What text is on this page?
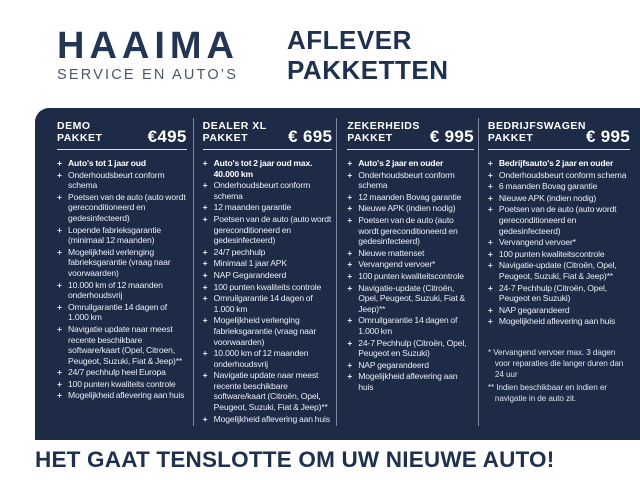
HAAIMA
SERVICE EN AUTO’S
AFLEVER
PAKKETTEN
DEMO
PAKKET	€495
+ Auto's tot 1 jaar oud
+ Onderhoudsbeurt conform schema
+ Poetsen van de auto (auto wordt gereconditioneerd en gedesinfecteerd)
+ Lopende fabrieksgarantie (minimaal 12 maanden)
+ Mogelijkheid verlenging fabrieksgarantie (vraag naar voorwaarden)
+ 10.000 km of 12 maanden onderhoudsvrij
+ Omruilgarantie 14 dagen of 1.000 km
+ Navigatie update naar meest recente beschikbare software/kaart (Opel, Citroen, Peugeot, Suzuki, Fiat & Jeep)**
+ 24/7 pechhulp heel Europa
+ 100 punten kwaliteits controle
+ Mogelijkheid aflevering aan huis
DEALER XL
PAKKET	€ 695
+ Auto's tot 2 jaar oud max. 40.000 km
+ Onderhoudsbeurt conform schema
+ 12 maanden garantie
+ Poetsen van de auto (auto wordt gereconditioneerd en gedesinfecteerd)
+ 24/7 pechhulp
+ Minimaal 1 jaar APK
+ NAP Gegarandeerd
+ 100 punten kwaliteits controle
+ Omruilgarantie 14 dagen of 1.000 km
+ Mogelijkheid verlenging fabrieksgarantie (vraag naar voorwaarden)
+ 10.000 km of 12 maanden onderhoudsvrij
+ Navigatie update naar meest recente beschikbare software/kaart (Citroën, Opel, Peugeot, Suzuki, Fiat & Jeep)**
+ Mogelijkheid aflevering aan huis
ZEKERHEIDS
PAKKET	€ 995
+ Auto's 2 jaar en ouder
+ Onderhoudsbeurt conform schema
+ 12 maanden Bovag garantie
+ Nieuwe APK (indien nodig)
+ Poetsen van de auto (auto wordt gereconditioneerd en gedesinfecteerd)
+ Nieuwe mattenset
+ Vervangend vervoer*
+ 100 punten kwaliteitscontrole
+ Navigatie-update (Citroën, Opel, Peugeot, Suzuki, Fiat & Jeep)**
+ Omruilgarantie 14 dagen of 1.000 km
+ 24-7 Pechhulp (Citroën, Opel, Peugeot en Suzuki)
+ NAP gegarandeerd
+ Mogelijkheid aflevering aan huis
BEDRIJFSWAGEN
PAKKET	€ 995
+ Bedrijfsauto's 2 jaar en ouder
+ Onderhoudsbeurt conform schema
+ 6 maanden Bovag garantie
+ Nieuwe APK (indien nodig)
+ Poetsen van de auto (auto wordt gereconditioneerd en gedesinfecteerd)
+ Vervangend vervoer*
+ 100 punten kwaliteitscontrole
+ Navigatie-update (Citroën, Opel, Peugeot, Suzuki, Fiat & Jeep)**
+ 24-7 Pechhulp (Citroën, Opel, Peugeot en Suzuki)
+ NAP gegarandeerd
+ Mogelijkheid aflevering aan huis
* Vervangend vervoer max. 3 dagen voor reparaties die langer duren dan 24 uur
** Indien beschikbaar en indien er navigatie in de auto zit.
HET GAAT TENSLOTTE OM UW NIEUWE AUTO!
